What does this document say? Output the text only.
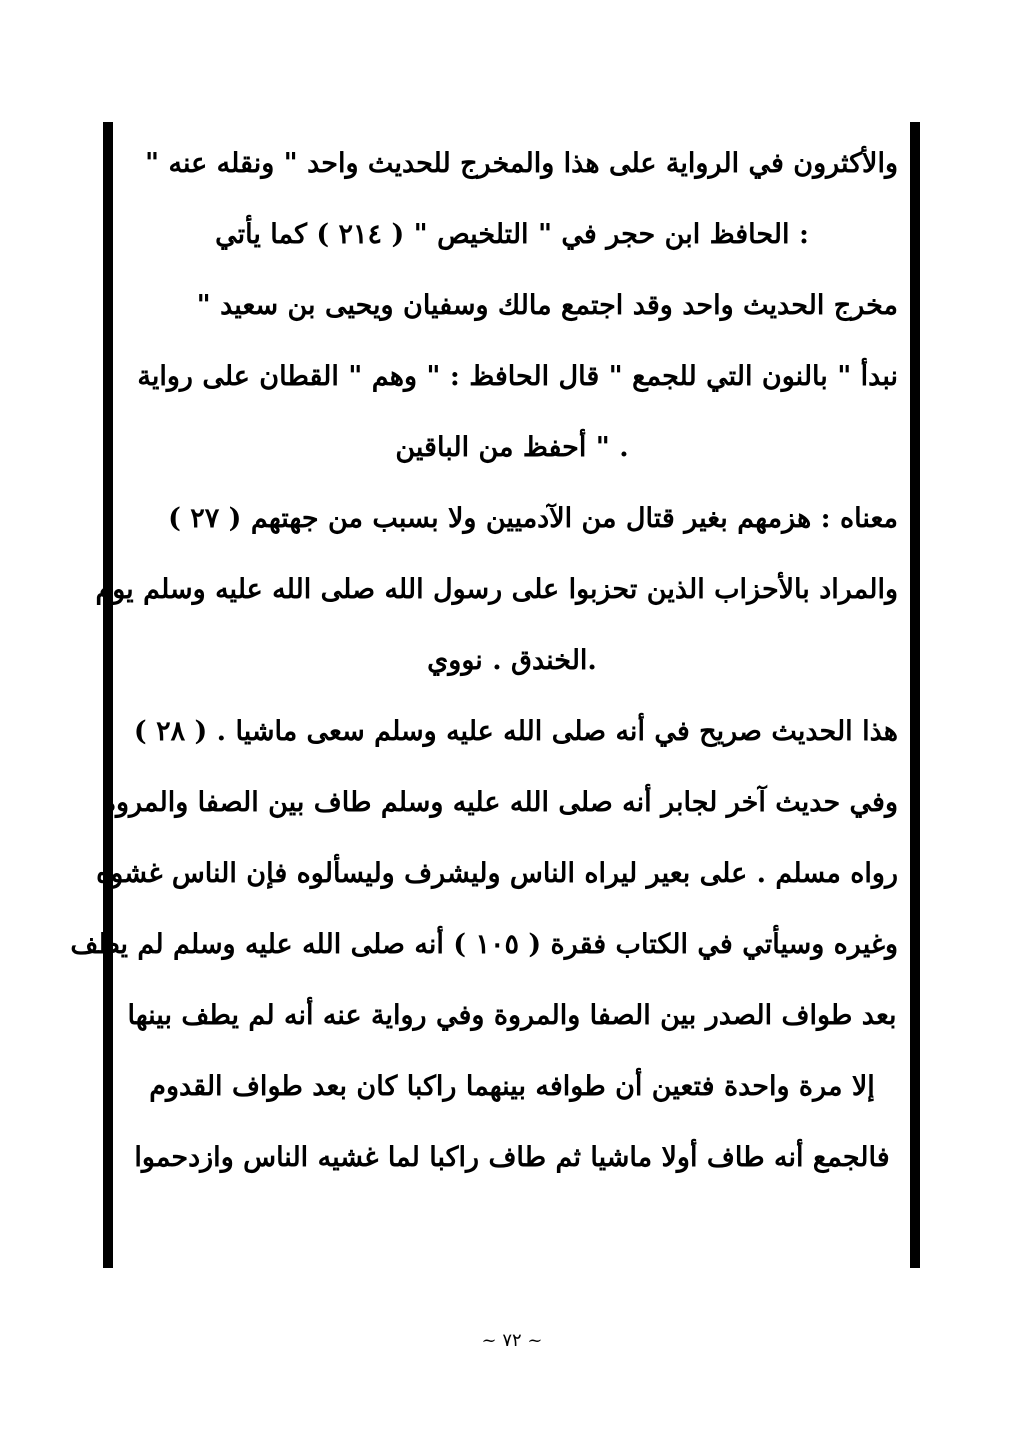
والأكثرون في الرواية على هذا والمخرج للحديث واحد " ونقله عنه "
: الحافظ ابن حجر في " التلخيص " ( ٢١٤ ) كما يأتي
مخرج الحديث واحد وقد اجتمع مالك وسفيان ويحيى بن سعيد "
نبدأ " بالنون التي للجمع " قال الحافظ : " وهم " القطان على رواية
. " أحفظ من الباقين
معناه : هزمهم بغير قتال من الآدميين ولا بسبب من جهتهم ( ٢٧ )
والمراد بالأحزاب الذين تحزبوا على رسول الله صلى الله عليه وسلم يوم
.الخندق . نووي
هذا الحديث صريح في أنه صلى الله عليه وسلم سعى ماشيا . ( ٢٨ )
وفي حديث آخر لجابر أنه صلى الله عليه وسلم طاف بين الصفا والمروة
رواه مسلم . على بعير ليراه الناس وليشرف وليسألوه فإن الناس غشوه
وغيره وسيأتي في الكتاب فقرة ( ١٠٥ ) أنه صلى الله عليه وسلم لم يطف
بعد طواف الصدر بين الصفا والمروة وفي رواية عنه أنه لم يطف بينها
إلا مرة واحدة فتعين أن طوافه بينهما راكبا كان بعد طواف القدوم
فالجمع أنه طاف أولا ماشيا ثم طاف راكبا لما غشيه الناس وازدحموا
~ ٧٢ ~
